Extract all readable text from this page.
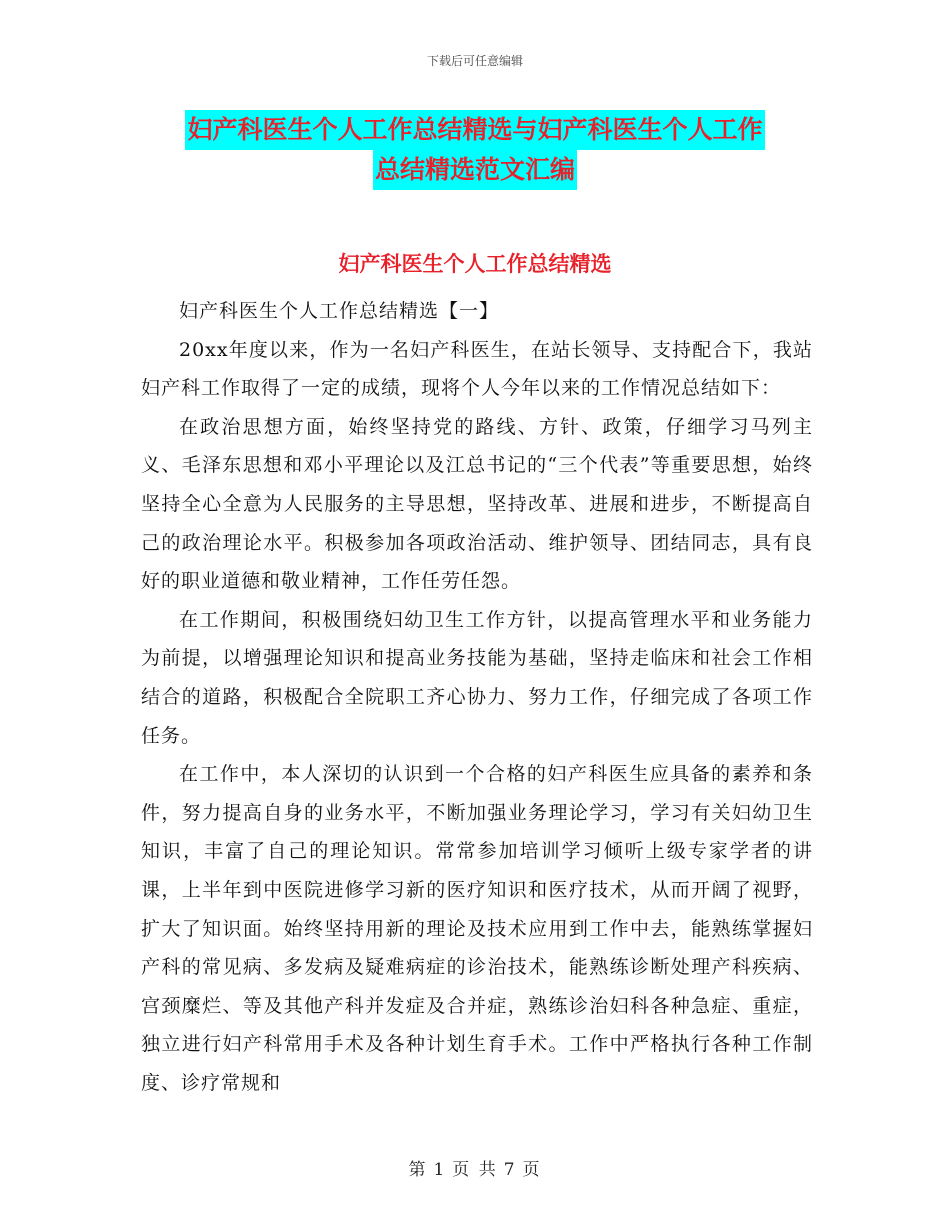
下载后可任意编辑
妇产科医生个人工作总结精选与妇产科医生个人工作
总结精选范文汇编
妇产科医生个人工作总结精选

妇产科医生个人工作总结精选【一】

20xx年度以来，作为一名妇产科医生，在站长领导、支持配合下，我站妇产科工作取得了一定的成绩，现将个人今年以来的工作情况总结如下：

在政治思想方面，始终坚持党的路线、方针、政策，仔细学习马列主义、毛泽东思想和邓小平理论以及江总书记的“三个代表”等重要思想，始终坚持全心全意为人民服务的主导思想，坚持改革、进展和进步，不断提高自己的政治理论水平。积极参加各项政治活动、维护领导、团结同志，具有良好的职业道德和敬业精神，工作任劳任怨。

在工作期间，积极围绕妇幼卫生工作方针，以提高管理水平和业务能力为前提，以增强理论知识和提高业务技能为基础，坚持走临床和社会工作相结合的道路，积极配合全院职工齐心协力、努力工作，仔细完成了各项工作任务。

在工作中，本人深切的认识到一个合格的妇产科医生应具备的素养和条件，努力提高自身的业务水平，不断加强业务理论学习，学习有关妇幼卫生知识，丰富了自己的理论知识。常常参加培训学习倾听上级专家学者的讲课，上半年到中医院进修学习新的医疗知识和医疗技术，从而开阔了视野，扩大了知识面。始终坚持用新的理论及技术应用到工作中去，能熟练掌握妇产科的常见病、多发病及疑难病症的诊治技术，能熟练诊断处理产科疾病、宫颈糜烂、等及其他产科并发症及合并症，熟练诊治妇科各种急症、重症，独立进行妇产科常用手术及各种计划生育手术。工作中严格执行各种工作制度、诊疗常规和

第 1 页 共 7 页
